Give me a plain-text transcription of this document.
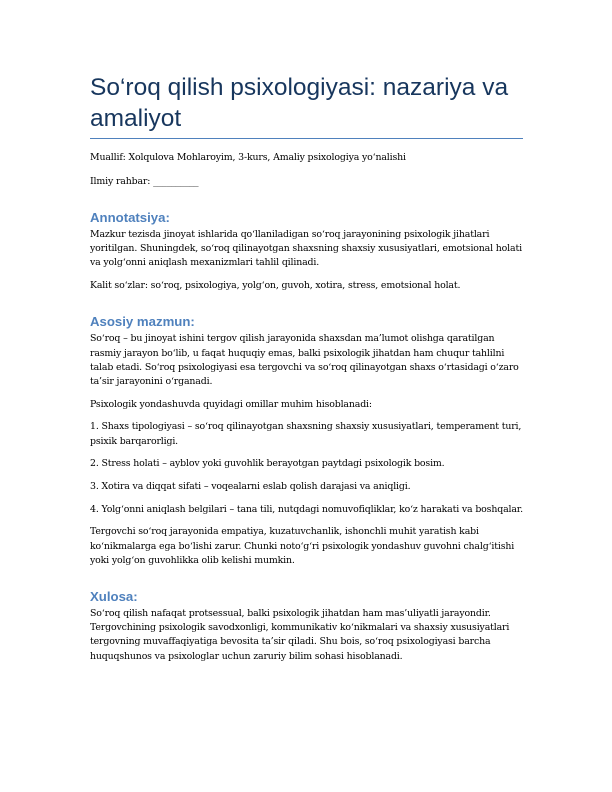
So‘roq qilish psixologiyasi: nazariya va amaliyot

Muallif: Xolqulova Mohlaroyim, 3-kurs, Amaliy psixologiya yo‘nalishi

Ilmiy rahbar: __________

Annotatsiya:

Mazkur tezisda jinoyat ishlarida qo‘llaniladigan so‘roq jarayonining psixologik jihatlari yoritilgan. Shuningdek, so‘roq qilinayotgan shaxsning shaxsiy xususiyatlari, emotsional holati va yolg‘onni aniqlash mexanizmlari tahlil qilinadi.

Kalit so‘zlar: so‘roq, psixologiya, yolg‘on, guvoh, xotira, stress, emotsional holat.

Asosiy mazmun:

So‘roq – bu jinoyat ishini tergov qilish jarayonida shaxsdan ma’lumot olishga qaratilgan rasmiy jarayon bo‘lib, u faqat huquqiy emas, balki psixologik jihatdan ham chuqur tahlilni talab etadi. So‘roq psixologiyasi esa tergovchi va so‘roq qilinayotgan shaxs o‘rtasidagi o‘zaro ta’sir jarayonini o‘rganadi.

Psixologik yondashuvda quyidagi omillar muhim hisoblanadi:

1. Shaxs tipologiyasi – so‘roq qilinayotgan shaxsning shaxsiy xususiyatlari, temperament turi, psixik barqarorligi.

2. Stress holati – ayblov yoki guvohlik berayotgan paytdagi psixologik bosim.

3. Xotira va diqqat sifati – voqealarni eslab qolish darajasi va aniqligi.

4. Yolg‘onni aniqlash belgilari – tana tili, nutqdagi nomuvofiqliklar, ko‘z harakati va boshqalar.

Tergovchi so‘roq jarayonida empatiya, kuzatuvchanlik, ishonchli muhit yaratish kabi ko‘nikmalarga ega bo‘lishi zarur. Chunki noto‘g‘ri psixologik yondashuv guvohni chalg‘itishi yoki yolg‘on guvohlikka olib kelishi mumkin.

Xulosa:

So‘roq qilish nafaqat protsessual, balki psixologik jihatdan ham mas’uliyatli jarayondir. Tergovchining psixologik savodxonligi, kommunikativ ko‘nikmalari va shaxsiy xususiyatlari tergovning muvaffaqiyatiga bevosita ta’sir qiladi. Shu bois, so‘roq psixologiyasi barcha huquqshunos va psixologlar uchun zaruriy bilim sohasi hisoblanadi.
